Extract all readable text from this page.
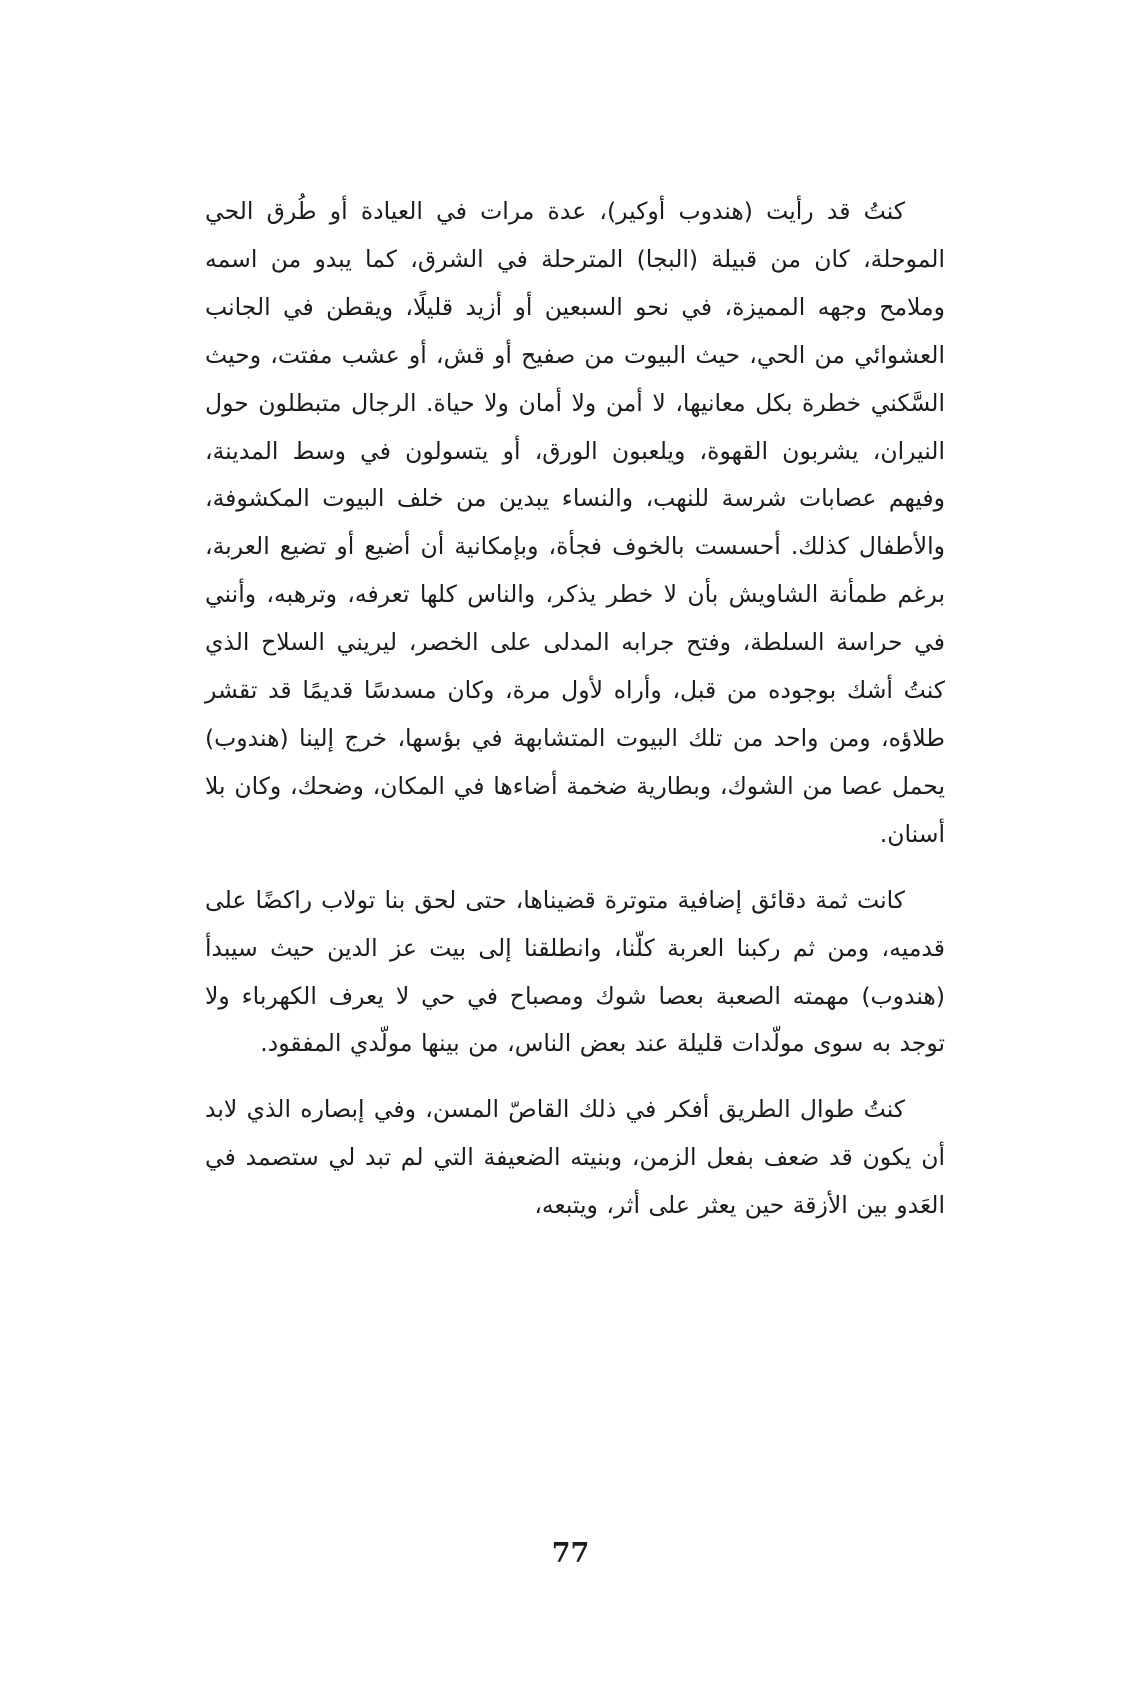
كنتُ قد رأيت (هندوب أوكير)، عدة مرات في العيادة أو طُرق الحي الموحلة، كان من قبيلة (البجا) المترحلة في الشرق، كما يبدو من اسمه وملامح وجهه المميزة، في نحو السبعين أو أزيد قليلًا، ويقطن في الجانب العشوائي من الحي، حيث البيوت من صفيح أو قش، أو عشب مفتت، وحيث السَّكني خطرة بكل معانيها، لا أمن ولا أمان ولا حياة. الرجال متبطلون حول النيران، يشربون القهوة، ويلعبون الورق، أو يتسولون في وسط المدينة، وفيهم عصابات شرسة للنهب، والنساء يبدين من خلف البيوت المكشوفة، والأطفال كذلك. أحسست بالخوف فجأة، وبإمكانية أن أضيع أو تضيع العربة، برغم طمأنة الشاويش بأن لا خطر يذكر، والناس كلها تعرفه، وترهبه، وأنني في حراسة السلطة، وفتح جرابه المدلى على الخصر، ليريني السلاح الذي كنتُ أشك بوجوده من قبل، وأراه لأول مرة، وكان مسدسًا قديمًا قد تقشر طلاؤه، ومن واحد من تلك البيوت المتشابهة في بؤسها، خرج إلينا (هندوب) يحمل عصا من الشوك، وبطارية ضخمة أضاءها في المكان، وضحك، وكان بلا أسنان.

كانت ثمة دقائق إضافية متوترة قضيناها، حتى لحق بنا تولاب راكضًا على قدميه، ومن ثم ركبنا العربة كلّنا، وانطلقنا إلى بيت عز الدين حيث سيبدأ (هندوب) مهمته الصعبة بعصا شوك ومصباح في حي لا يعرف الكهرباء ولا توجد به سوى مولّدات قليلة عند بعض الناس، من بينها مولّدي المفقود.

كنتُ طوال الطريق أفكر في ذلك القاصّ المسن، وفي إبصاره الذي لابد أن يكون قد ضعف بفعل الزمن، وبنيته الضعيفة التي لم تبد لي ستصمد في العَدو بين الأزقة حين يعثر على أثر، ويتبعه،

77
